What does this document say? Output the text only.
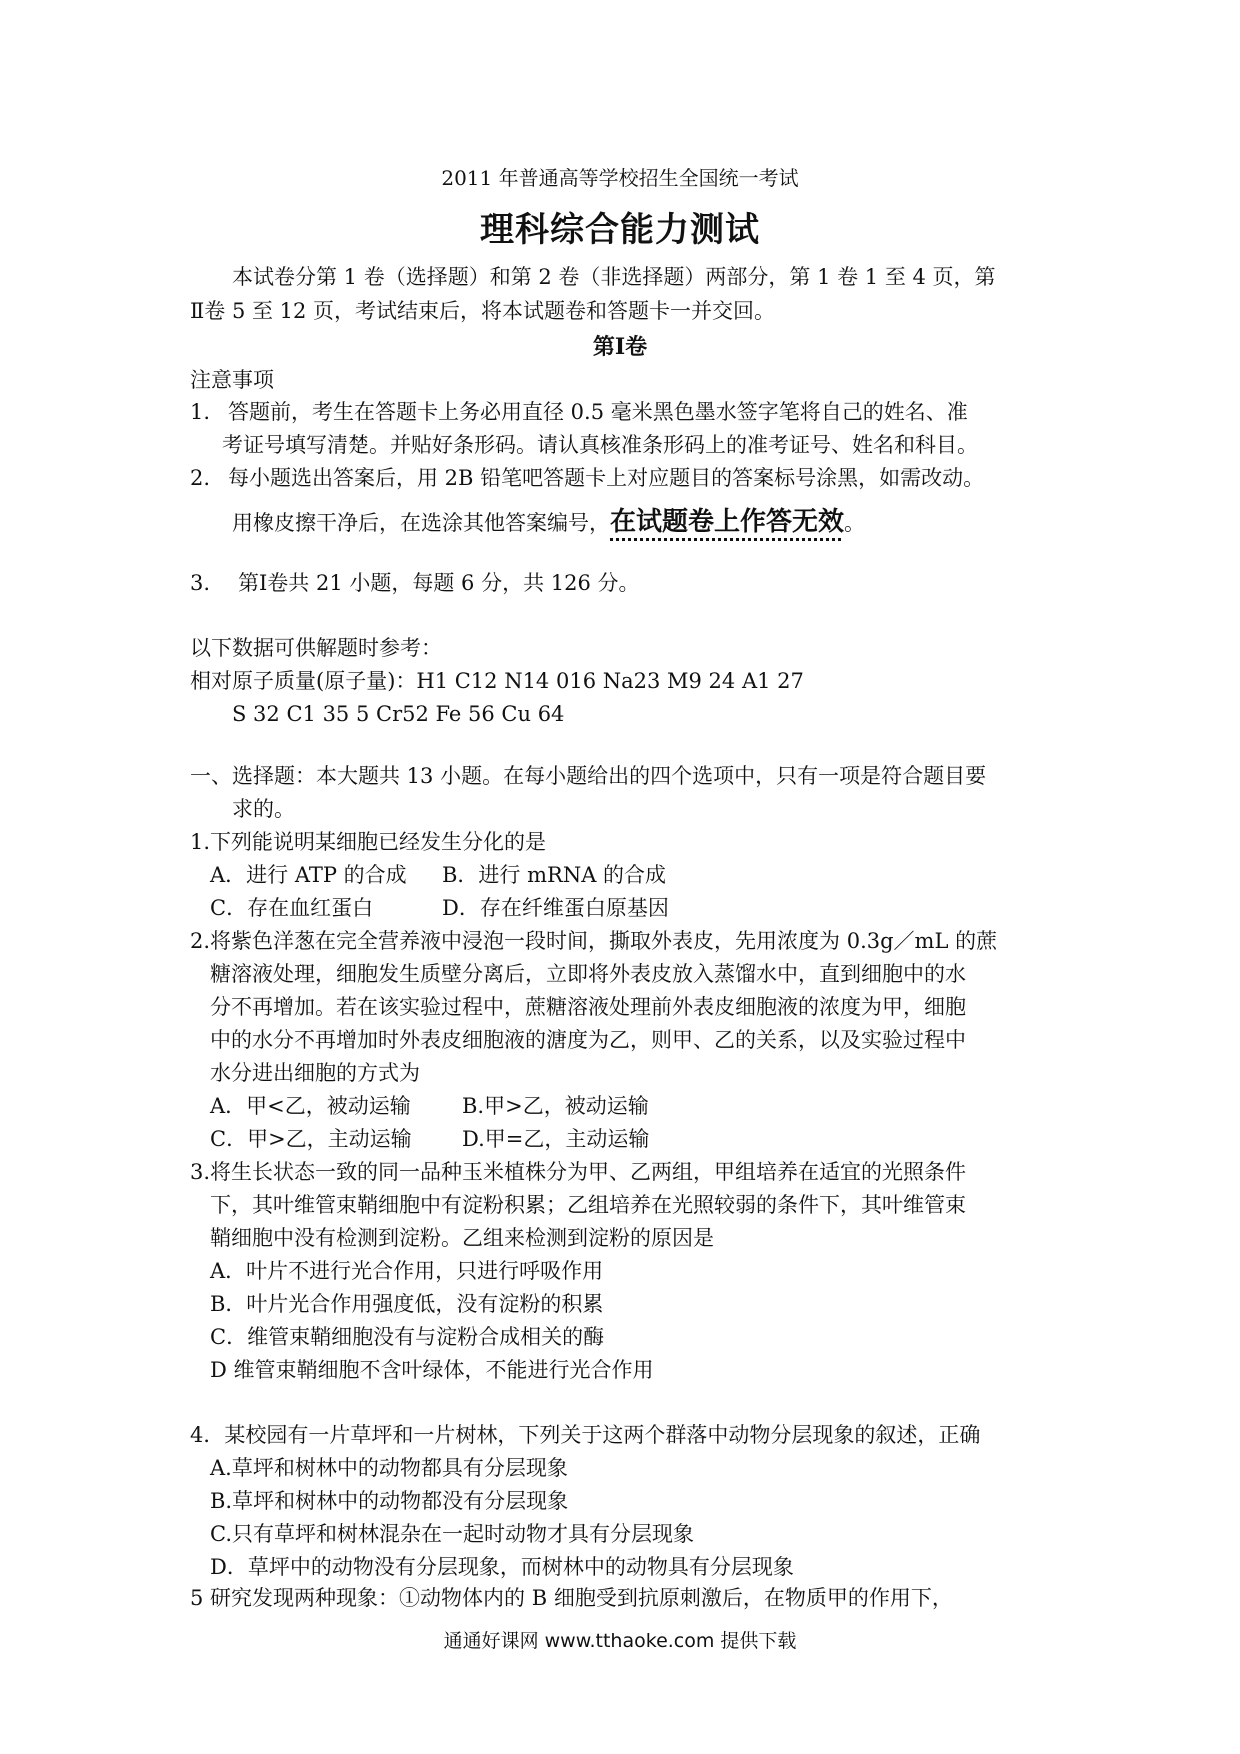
2011 年普通高等学校招生全国统一考试
理科综合能力测试
本试卷分第 1 卷（选择题）和第 2 卷（非选择题）两部分，第 1 卷 1 至 4 页，第
Ⅱ卷 5 至 12 页，考试结束后，将本试题卷和答题卡一并交回。
第Ⅰ卷
注意事项
1. 答题前，考生在答题卡上务必用直径 0.5 毫米黑色墨水签字笔将自己的姓名、准
考证号填写清楚。并贴好条形码。请认真核准条形码上的准考证号、姓名和科目。
2. 每小题选出答案后，用 2B 铅笔吧答题卡上对应题目的答案标号涂黑，如需改动。
用橡皮擦干净后，在选涂其他答案编号，在试题卷上作答无效。
3. 第Ⅰ卷共 21 小题，每题 6 分，共 126 分。
以下数据可供解题时参考：
相对原子质量(原子量)：H1 C12 N14 016 Na23 M9 24 A1 27
S 32 C1 35 5 Cr52 Fe 56 Cu 64
一、选择题：本大题共 13 小题。在每小题给出的四个选项中，只有一项是符合题目要
求的。
1.下列能说明某细胞已经发生分化的是
A．进行 ATP 的合成 B．进行 mRNA 的合成
C．存在血红蛋白	D．存在纤维蛋白原基因
2.将紫色洋葱在完全营养液中浸泡一段时间，撕取外表皮，先用浓度为 0.3g／mL 的蔗
糖溶液处理，细胞发生质壁分离后，立即将外表皮放入蒸馏水中，直到细胞中的水
分不再增加。若在该实验过程中，蔗糖溶液处理前外表皮细胞液的浓度为甲，细胞
中的水分不再增加时外表皮细胞液的溏度为乙，则甲、乙的关系，以及实验过程中
水分进出细胞的方式为
A．甲<乙，被动运输 B.甲>乙，被动运输
C．甲>乙，主动运输 D.甲=乙，主动运输
3.将生长状态一致的同一品种玉米植株分为甲、乙两组，甲组培养在适宜的光照条件
下，其叶维管束鞘细胞中有淀粉积累；乙组培养在光照较弱的条件下，其叶维管束
鞘细胞中没有检测到淀粉。乙组来检测到淀粉的原因是
A．叶片不进行光合作用，只进行呼吸作用
B．叶片光合作用强度低，没有淀粉的积累
C．维管束鞘细胞没有与淀粉合成相关的酶
D 维管束鞘细胞不含叶绿体，不能进行光合作用
4．某校园有一片草坪和一片树林，下列关于这两个群落中动物分层现象的叙述，正确
A.草坪和树林中的动物都具有分层现象
B.草坪和树林中的动物都没有分层现象
C.只有草坪和树林混杂在一起时动物才具有分层现象
D．草坪中的动物没有分层现象，而树林中的动物具有分层现象
5 研究发现两种现象：①动物体内的 B 细胞受到抗原刺激后，在物质甲的作用下，
通通好课网 www.tthaoke.com 提供下载
